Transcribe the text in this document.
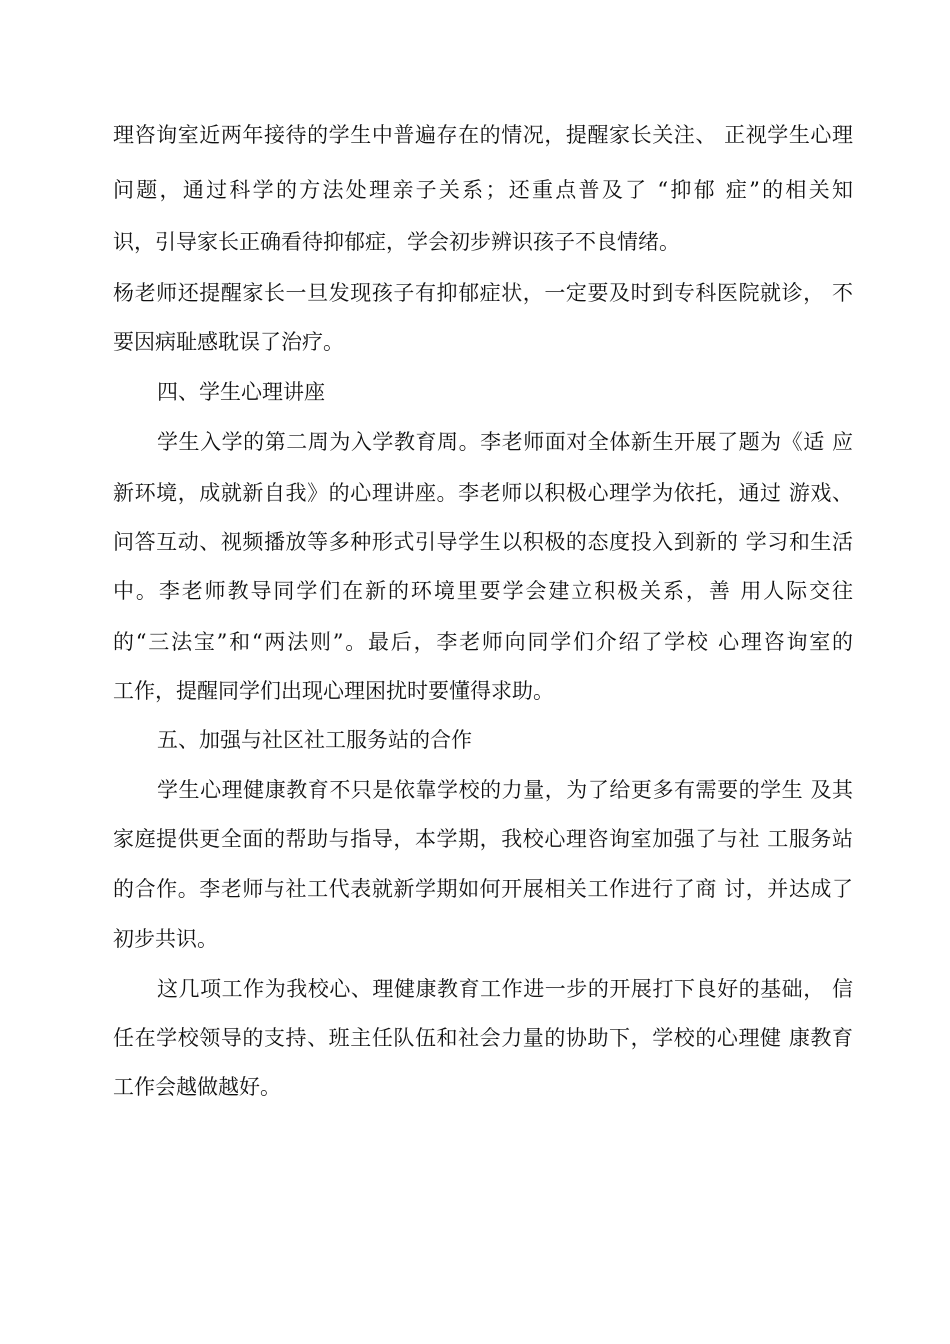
理咨询室近两年接待的学生中普遍存在的情况，提醒家长关注、 正视学生心理
问题，通过科学的方法处理亲子关系；还重点普及了 “抑郁 症”的相关知
识，引导家长正确看待抑郁症，学会初步辨识孩子不良情绪。
杨老师还提醒家长一旦发现孩子有抑郁症状，一定要及时到专科医院就诊， 不
要因病耻感耽误了治疗。
四、学生心理讲座
学生入学的第二周为入学教育周。李老师面对全体新生开展了题为《适 应
新环境，成就新自我》的心理讲座。李老师以积极心理学为依托，通过 游戏、
问答互动、视频播放等多种形式引导学生以积极的态度投入到新的 学习和生活
中。李老师教导同学们在新的环境里要学会建立积极关系，善 用人际交往
的“三法宝”和“两法则”。最后，李老师向同学们介绍了学校 心理咨询室的
工作，提醒同学们出现心理困扰时要懂得求助。
五、加强与社区社工服务站的合作
学生心理健康教育不只是依靠学校的力量，为了给更多有需要的学生 及其
家庭提供更全面的帮助与指导，本学期，我校心理咨询室加强了与社 工服务站
的合作。李老师与社工代表就新学期如何开展相关工作进行了商 讨，并达成了
初步共识。
这几项工作为我校心、理健康教育工作进一步的开展打下良好的基础， 信
任在学校领导的支持、班主任队伍和社会力量的协助下，学校的心理健 康教育
工作会越做越好。
